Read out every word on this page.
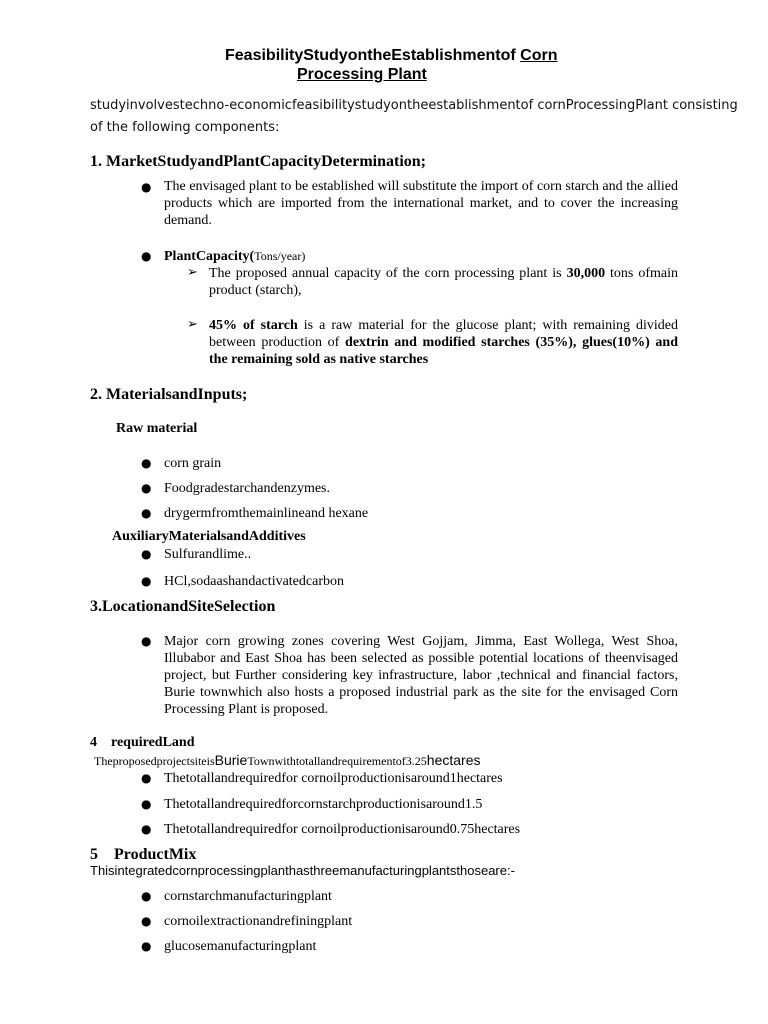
FeasibilityStudyontheEstablishmentof Corn
Processing Plant
studyinvolvestechno-economicfeasibilitystudyontheestablishmentof cornProcessingPlant consisting
of the following components:
1. MarketStudyandPlantCapacityDetermination;
● The envisaged plant to be established will substitute the import of corn starch and the allied products which are imported from the international market, and to cover the increasing demand.
● PlantCapacity(Tons/year)
➢ The proposed annual capacity of the corn processing plant is 30,000 tons ofmain product (starch),
➢ 45% of starch is a raw material for the glucose plant; with remaining divided between production of dextrin and modified starches (35%), glues(10%) and the remaining sold as native starches
2. MaterialsandInputs;
Raw material
● corn grain
● Foodgradestarchandenzymes.
● drygermfromthemainlineand hexane
AuxiliaryMaterialsandAdditives
● Sulfurandlime..
● HCl,sodaashandactivatedcarbon
3.LocationandSiteSelection
● Major corn growing zones covering West Gojjam, Jimma, East Wollega, West Shoa, Illubabor and East Shoa has been selected as possible potential locations of theenvisaged project, but Further considering key infrastructure, labor ,technical and financial factors, Burie townwhich also hosts a proposed industrial park as the site for the envisaged Corn Processing Plant is proposed.
4 requiredLand
TheproposedprojectsiteisBurieTownwithtotallandrequirementof3.25hectares
● Thetotallandrequiredfor cornoilproductionisaround1hectares
● Thetotallandrequiredforcornstarchproductionisaround1.5
● Thetotallandrequiredfor cornoilproductionisaround0.75hectares
5 ProductMix
Thisintegratedcornprocessingplanthasthreemanufacturingplantsthoseare:-
● cornstarchmanufacturingplant
● cornoilextractionandrefiningplant
● glucosemanufacturingplant
